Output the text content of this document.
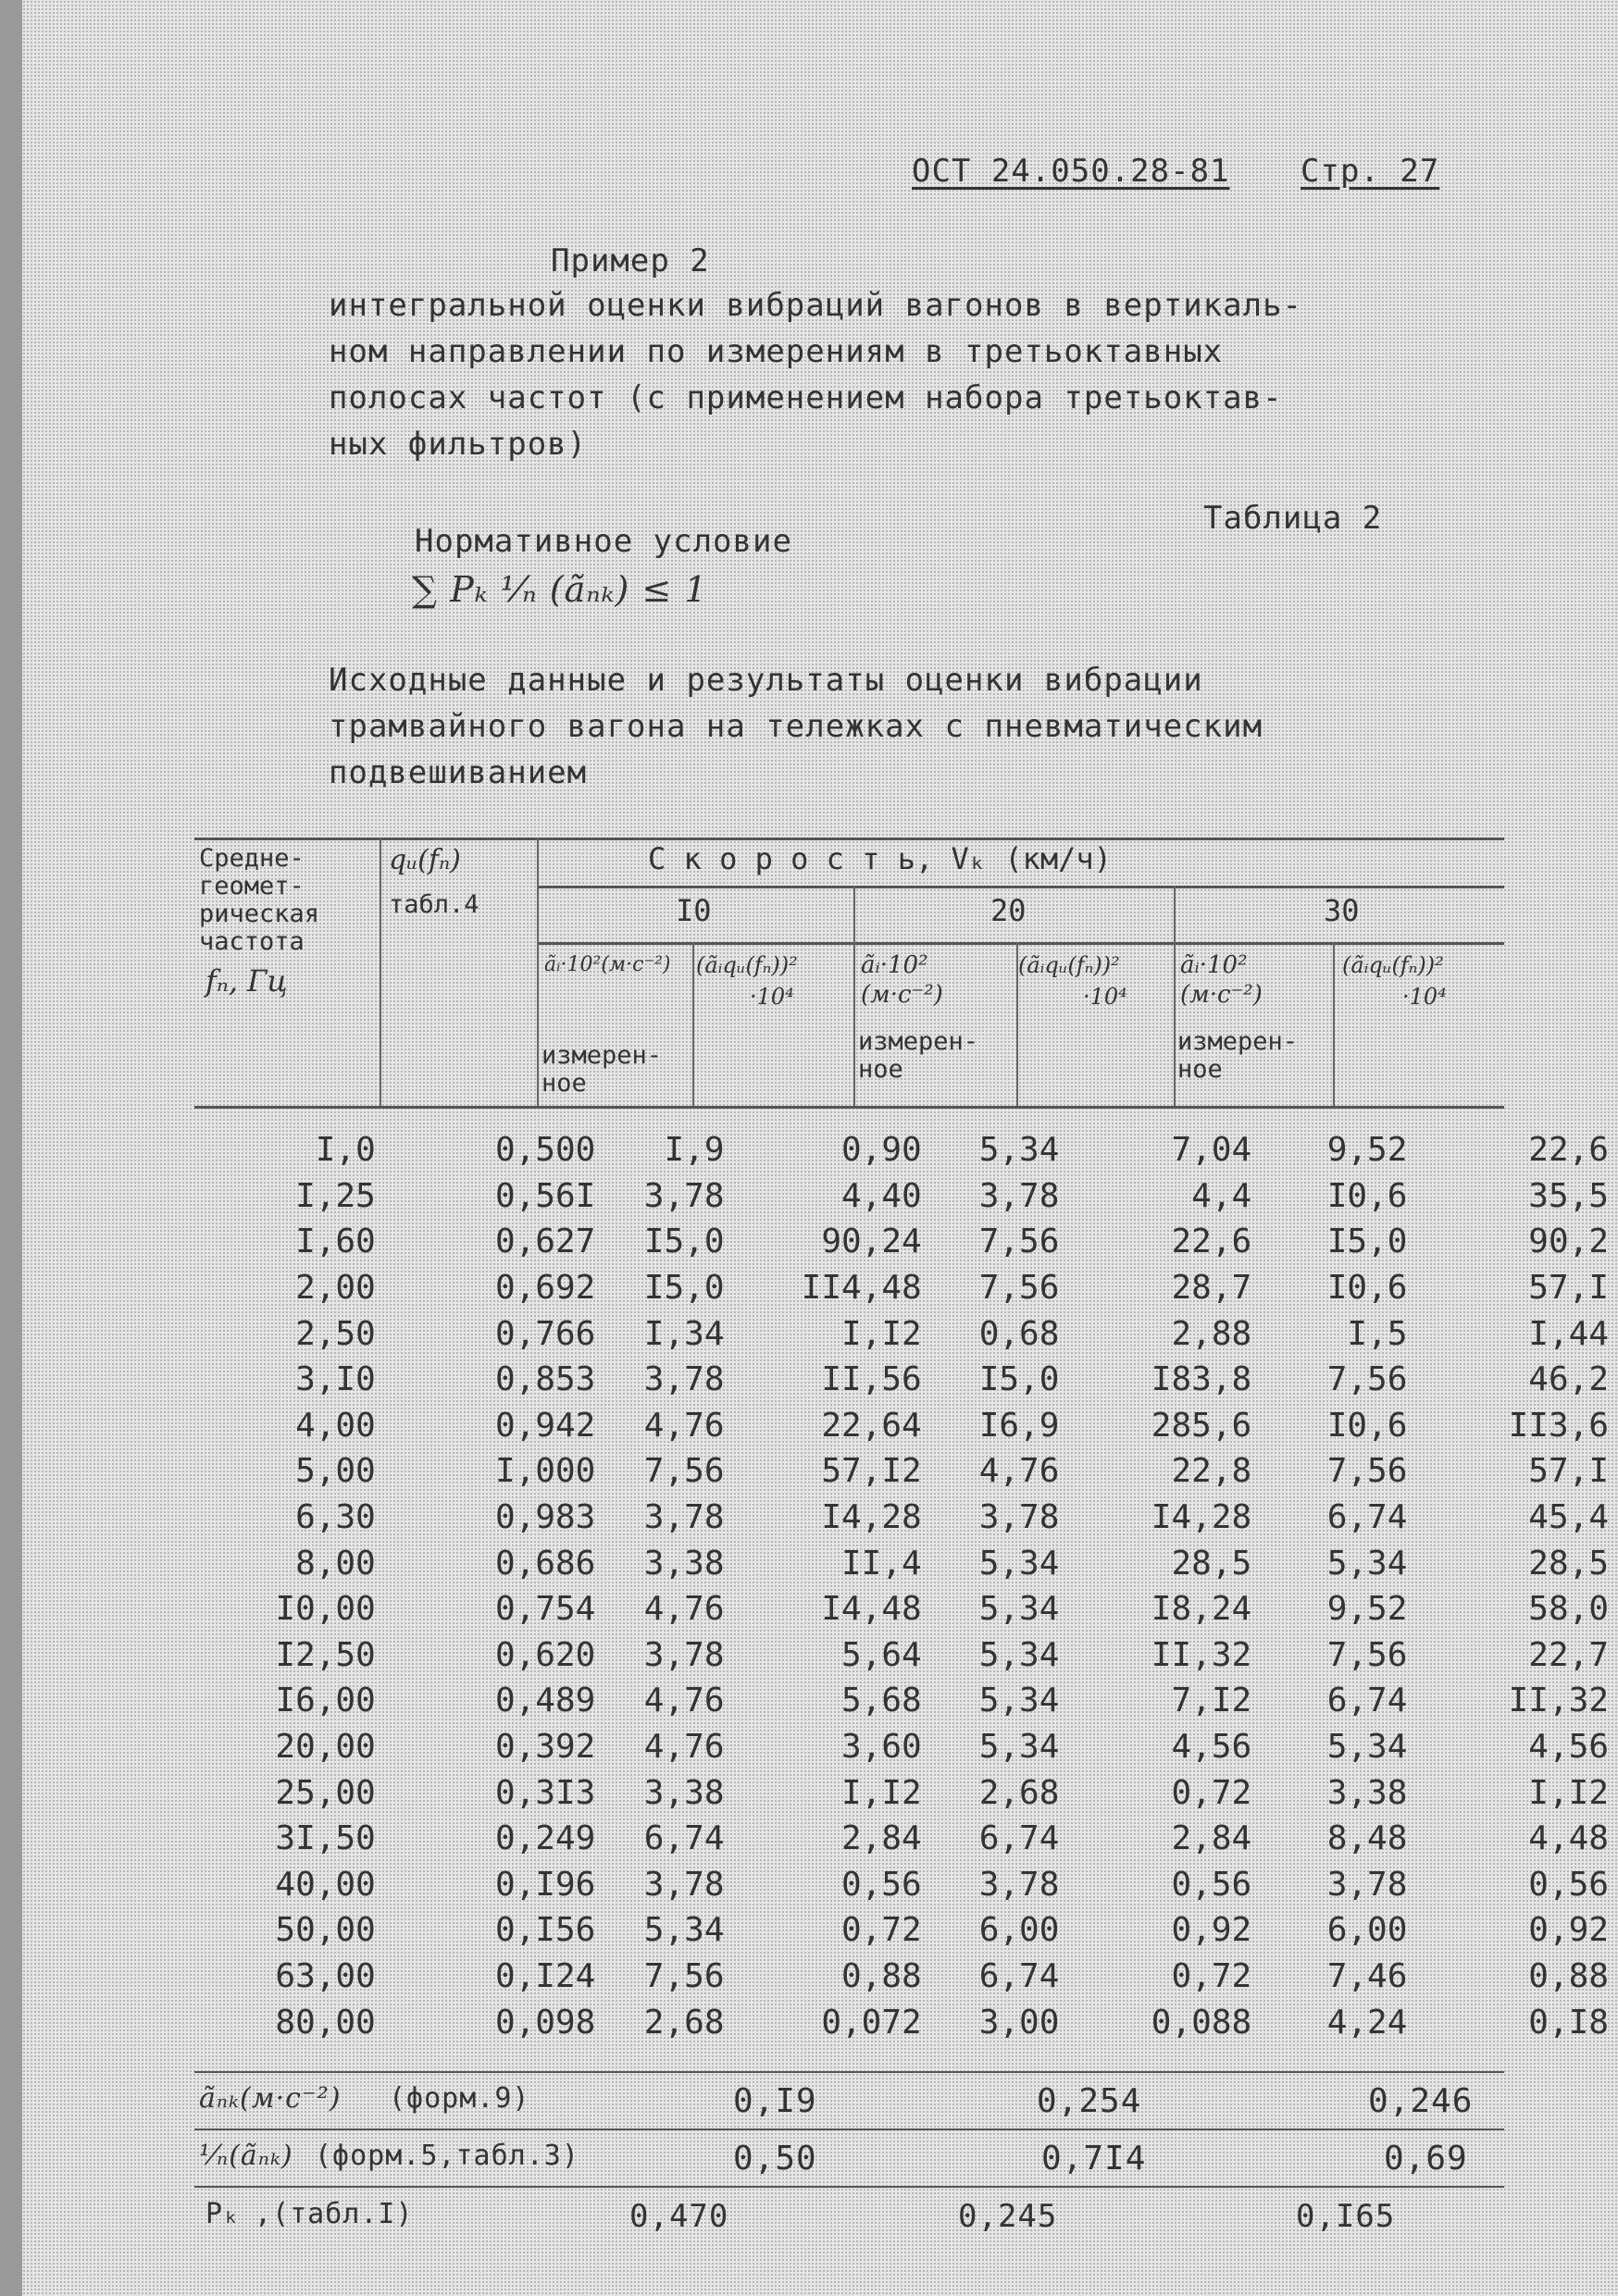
ОСТ 24.050.28-81 Стр. 27
Пример 2
интегральной оценки вибраций вагонов в вертикаль-
ном направлении по измерениям в третьоктавных
полосах частот (с применением набора третьоктав-
ных фильтров)
Нормативное условие
Таблица 2
∑ Pₖ ¹⁄ₙ (ãₙₖ) ≤ 1
Исходные данные и результаты оценки вибрации
трамвайного вагона на тележках с пневматическим
подвешиванием
Средне-
геомет-
рическая
частота
fₙ, Гц
qᵤ(fₙ)
табл.4
С к о р о с т ь, Vₖ (км/ч)
I0	20	30
ãᵢ·10²(м·с⁻²)
измерен-
ное
(ãᵢqᵤ(fₙ))²
·10⁴
ãᵢ·10²
(м·с⁻²)
измерен-
ное
(ãᵢqᵤ(fₙ))²
·10⁴
ãᵢ·10²
(м·с⁻²)
измерен-
ное
(ãᵢqᵤ(fₙ))²
·10⁴
I,0	0,500	I,9	0,90	5,34	7,04	9,52	22,6
I,25	0,56I	3,78	4,40	3,78	4,4	I0,6	35,5
I,60	0,627	I5,0	90,24	7,56	22,6	I5,0	90,2
2,00	0,692	I5,0	II4,48	7,56	28,7	I0,6	57,I
2,50	0,766	I,34	I,I2	0,68	2,88	I,5	I,44
3,I0	0,853	3,78	II,56	I5,0	I83,8	7,56	46,2
4,00	0,942	4,76	22,64	I6,9	285,6	I0,6	II3,6
5,00	I,000	7,56	57,I2	4,76	22,8	7,56	57,I
6,30	0,983	3,78	I4,28	3,78	I4,28	6,74	45,4
8,00	0,686	3,38	II,4	5,34	28,5	5,34	28,5
I0,00	0,754	4,76	I4,48	5,34	I8,24	9,52	58,0
I2,50	0,620	3,78	5,64	5,34	II,32	7,56	22,7
I6,00	0,489	4,76	5,68	5,34	7,I2	6,74	II,32
20,00	0,392	4,76	3,60	5,34	4,56	5,34	4,56
25,00	0,3I3	3,38	I,I2	2,68	0,72	3,38	I,I2
3I,50	0,249	6,74	2,84	6,74	2,84	8,48	4,48
40,00	0,I96	3,78	0,56	3,78	0,56	3,78	0,56
50,00	0,I56	5,34	0,72	6,00	0,92	6,00	0,92
63,00	0,I24	7,56	0,88	6,74	0,72	7,46	0,88
80,00	0,098	2,68	0,072	3,00	0,088	4,24	0,I8
ãₙₖ(м·с⁻²) (форм.9)	0,I9	0,254	0,246
¹⁄ₙ(ãₙₖ) (форм.5,табл.3)	0,50	0,7I4	0,69
Pₖ ,(табл.I)	0,470	0,245	0,I65
